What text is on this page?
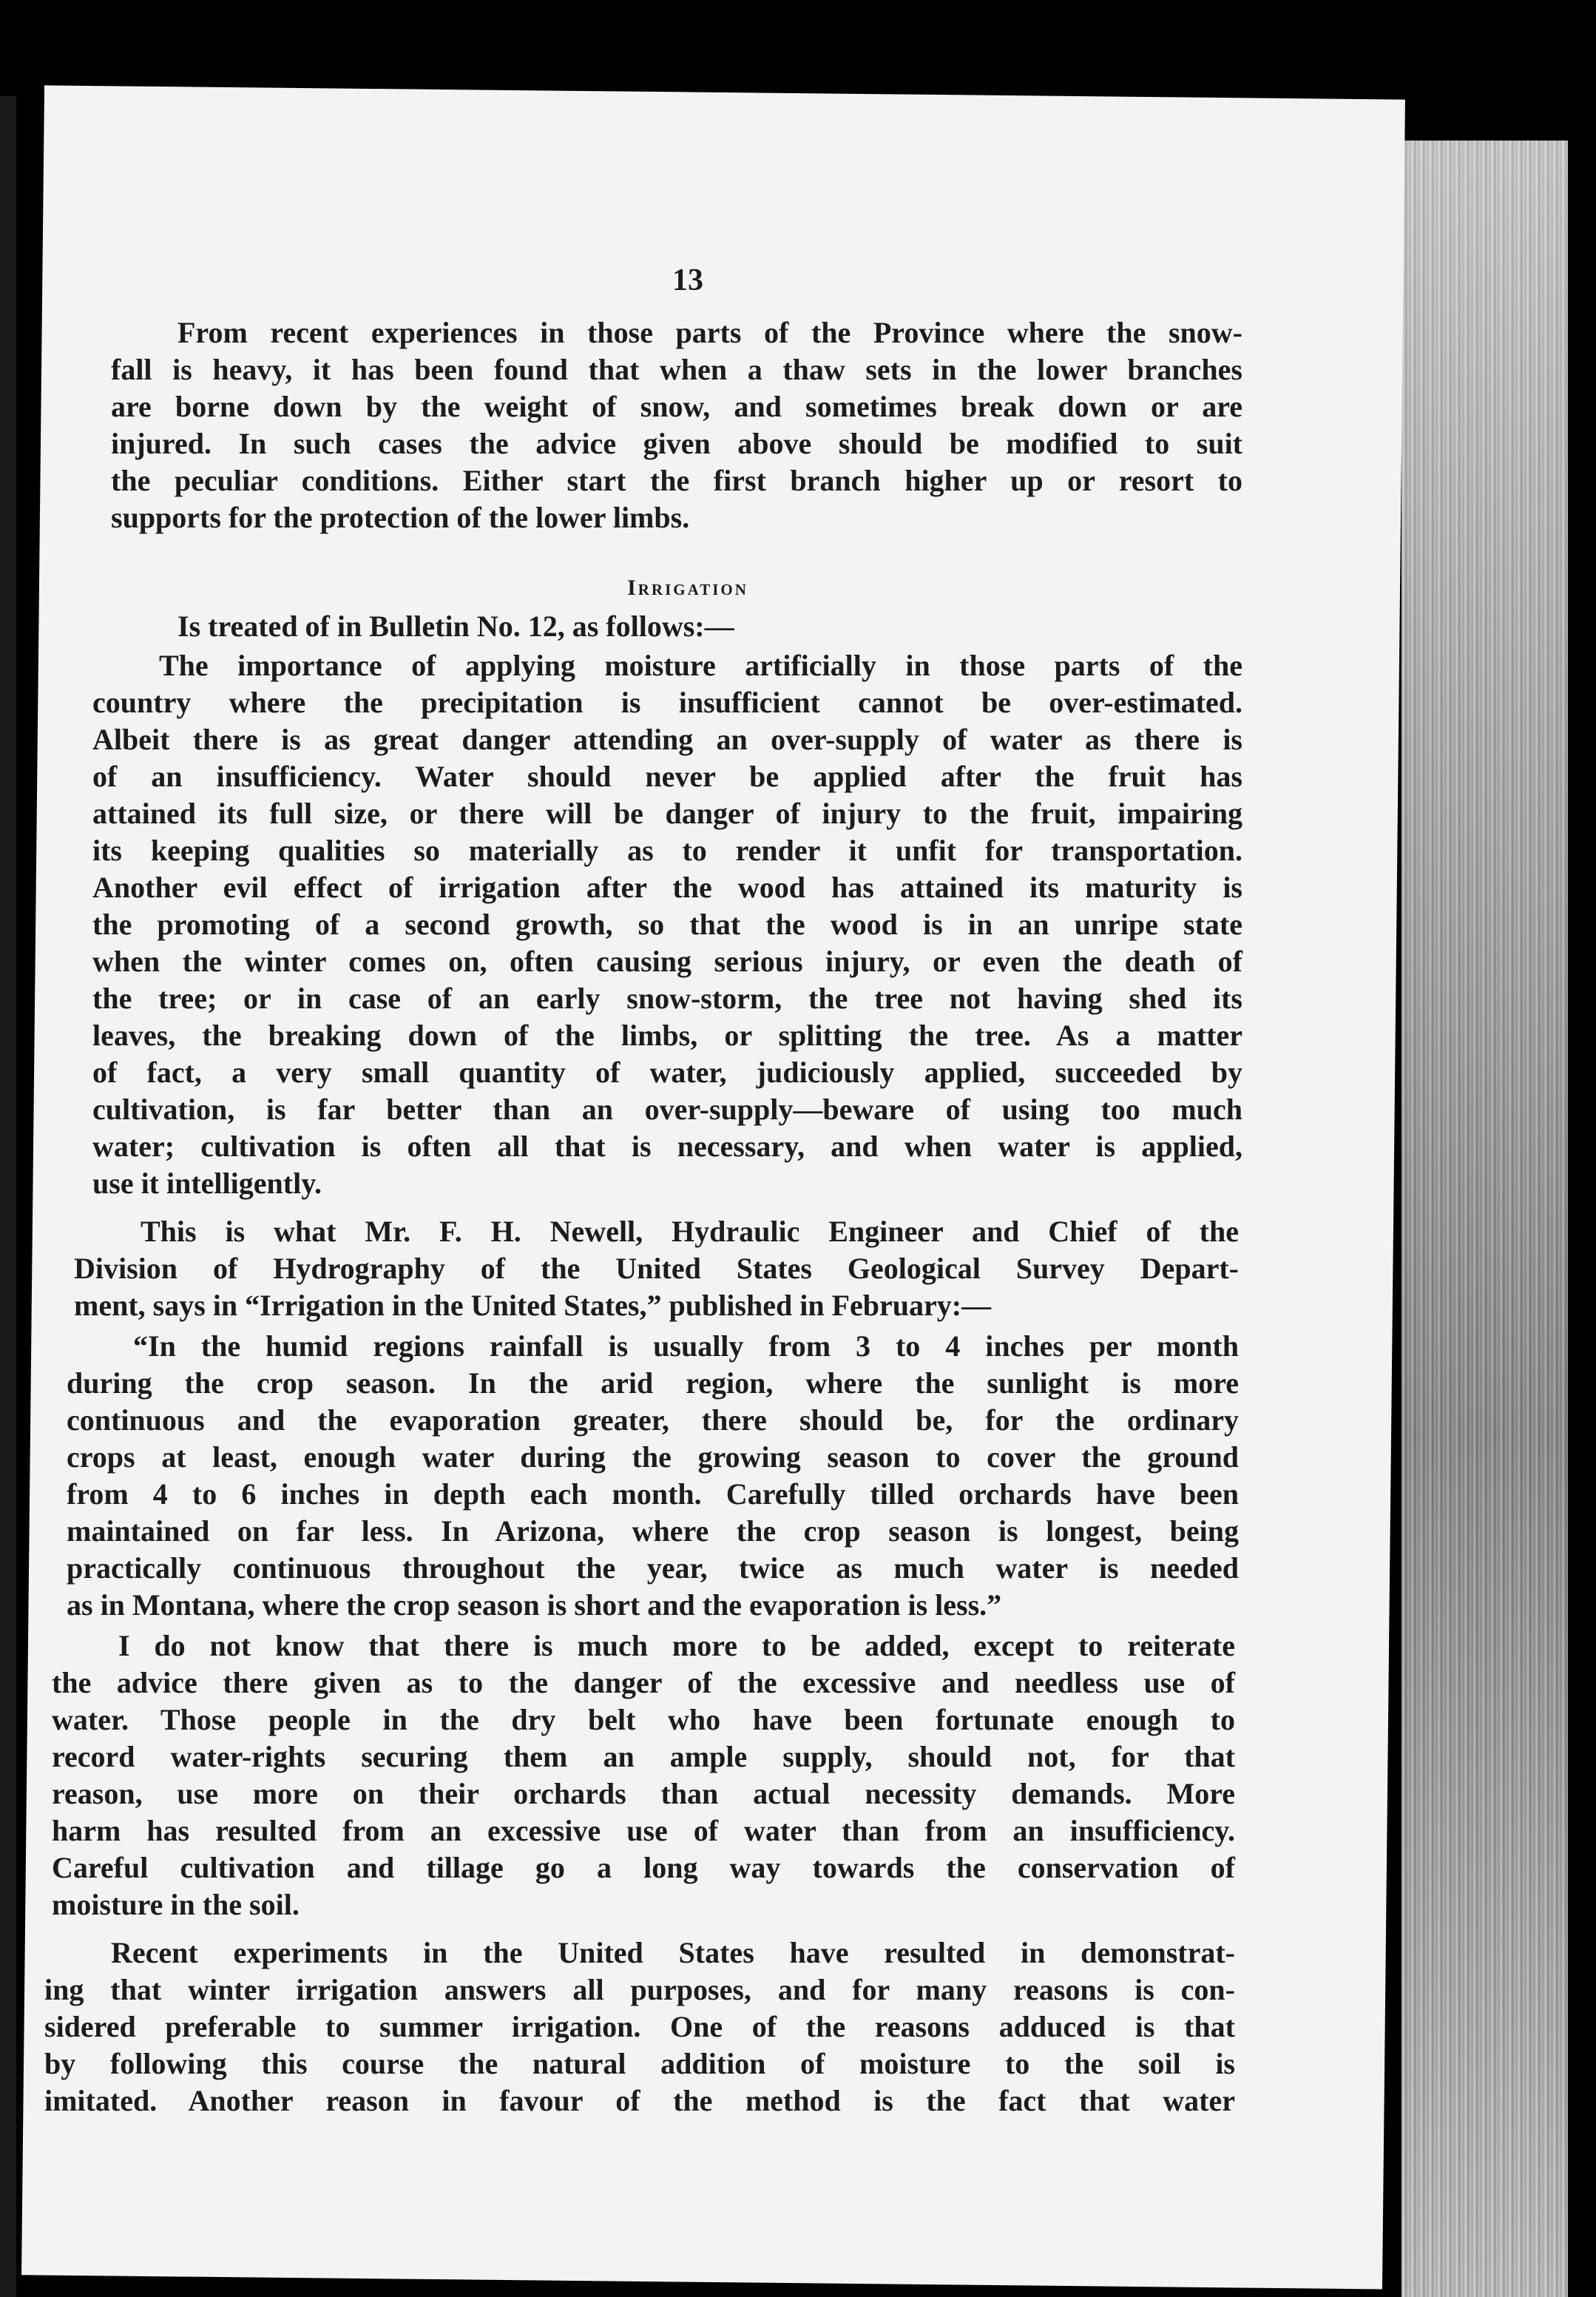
13
From recent experiences in those parts of the Province where the snow-
fall is heavy, it has been found that when a thaw sets in the lower branches
are borne down by the weight of snow, and sometimes break down or are
injured. In such cases the advice given above should be modified to suit
the peculiar conditions. Either start the first branch higher up or resort to
supports for the protection of the lower limbs.
Irrigation
Is treated of in Bulletin No. 12, as follows:—
The importance of applying moisture artificially in those parts of the
country where the precipitation is insufficient cannot be over-estimated.
Albeit there is as great danger attending an over-supply of water as there is
of an insufficiency. Water should never be applied after the fruit has
attained its full size, or there will be danger of injury to the fruit, impairing
its keeping qualities so materially as to render it unfit for transportation.
Another evil effect of irrigation after the wood has attained its maturity is
the promoting of a second growth, so that the wood is in an unripe state
when the winter comes on, often causing serious injury, or even the death of
the tree; or in case of an early snow-storm, the tree not having shed its
leaves, the breaking down of the limbs, or splitting the tree. As a matter
of fact, a very small quantity of water, judiciously applied, succeeded by
cultivation, is far better than an over-supply—beware of using too much
water; cultivation is often all that is necessary, and when water is applied,
use it intelligently.
This is what Mr. F. H. Newell, Hydraulic Engineer and Chief of the
Division of Hydrography of the United States Geological Survey Depart-
ment, says in “Irrigation in the United States,” published in February:—
“In the humid regions rainfall is usually from 3 to 4 inches per month
during the crop season. In the arid region, where the sunlight is more
continuous and the evaporation greater, there should be, for the ordinary
crops at least, enough water during the growing season to cover the ground
from 4 to 6 inches in depth each month. Carefully tilled orchards have been
maintained on far less. In Arizona, where the crop season is longest, being
practically continuous throughout the year, twice as much water is needed
as in Montana, where the crop season is short and the evaporation is less.”
I do not know that there is much more to be added, except to reiterate
the advice there given as to the danger of the excessive and needless use of
water. Those people in the dry belt who have been fortunate enough to
record water-rights securing them an ample supply, should not, for that
reason, use more on their orchards than actual necessity demands. More
harm has resulted from an excessive use of water than from an insufficiency.
Careful cultivation and tillage go a long way towards the conservation of
moisture in the soil.
Recent experiments in the United States have resulted in demonstrat-
ing that winter irrigation answers all purposes, and for many reasons is con-
sidered preferable to summer irrigation. One of the reasons adduced is that
by following this course the natural addition of moisture to the soil is
imitated. Another reason in favour of the method is the fact that water
